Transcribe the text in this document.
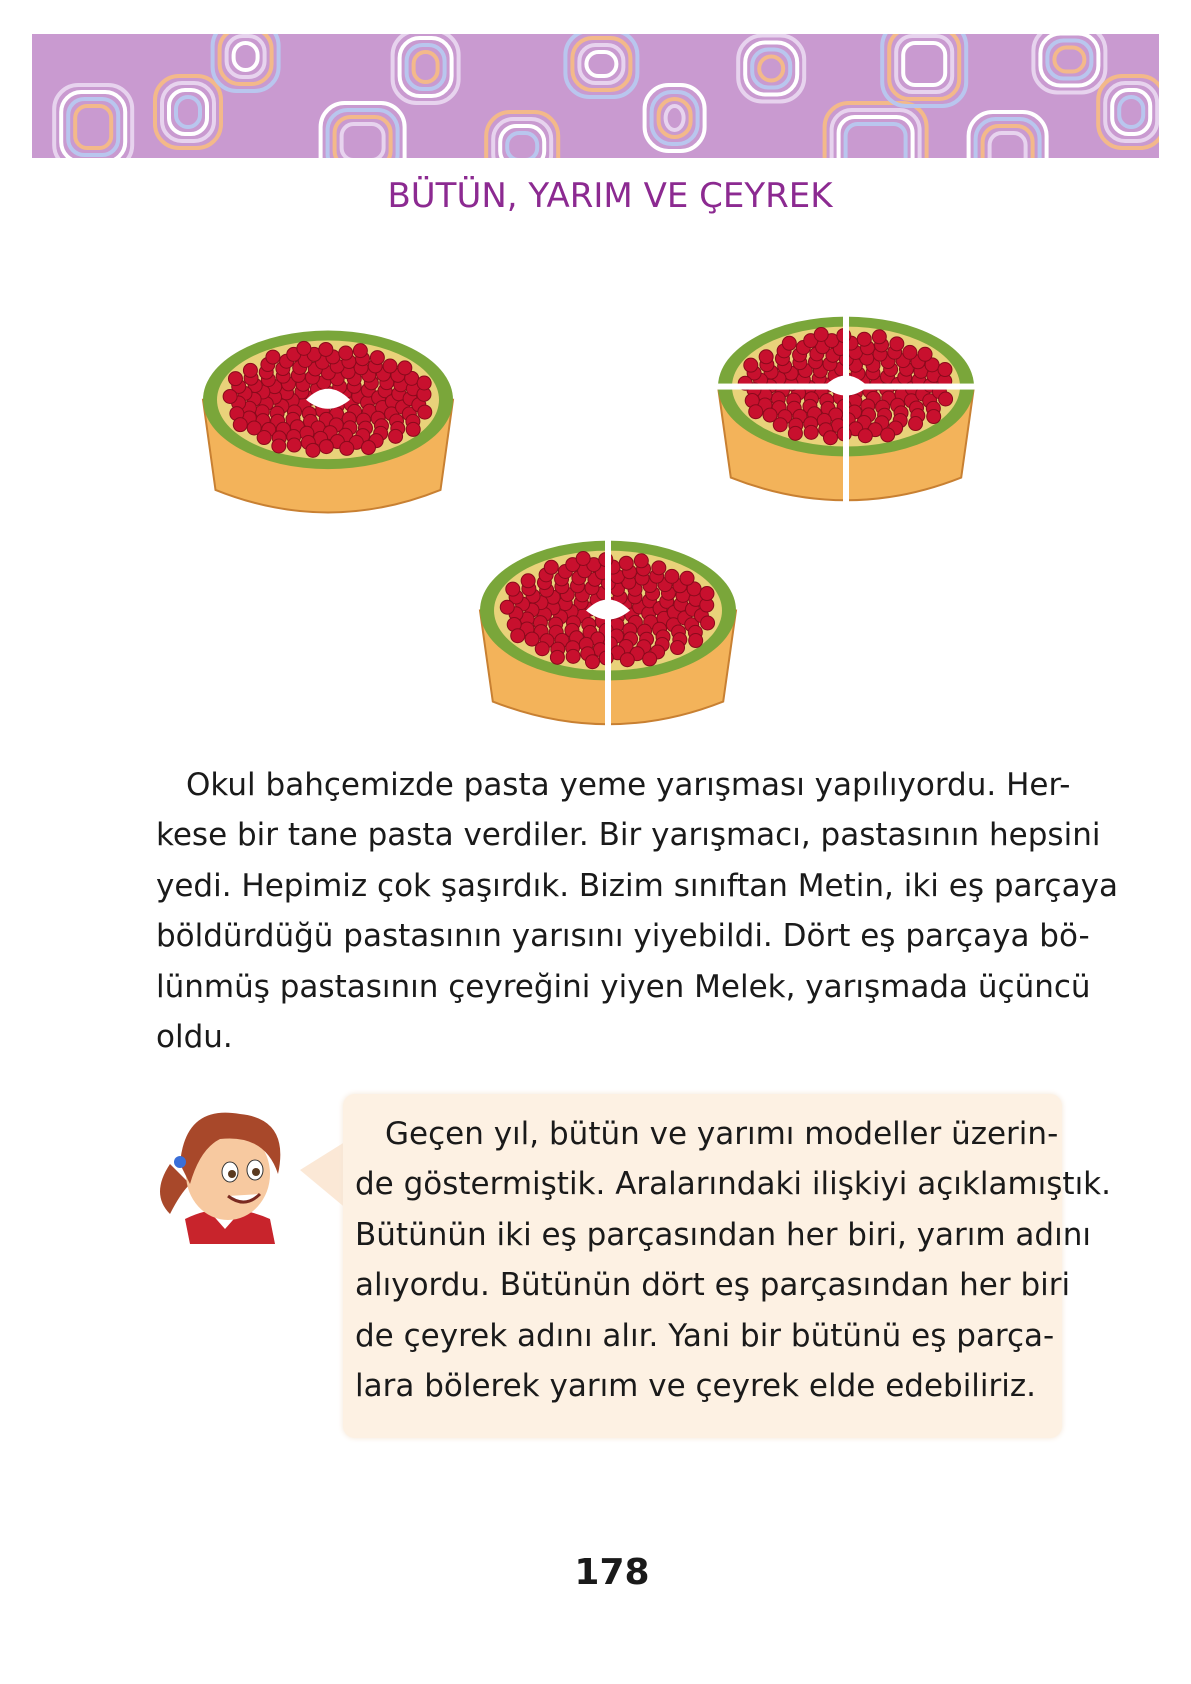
BÜTÜN, YARIM VE ÇEYREK
Okul bahçemizde pasta yeme yarışması yapılıyordu. Her-
kese bir tane pasta verdiler. Bir yarışmacı, pastasının hepsini
yedi. Hepimiz çok şaşırdık. Bizim sınıftan Metin, iki eş parçaya
böldürdüğü pastasının yarısını yiyebildi. Dört eş parçaya bö-
lünmüş pastasının çeyreğini yiyen Melek, yarışmada üçüncü
oldu.
Geçen yıl, bütün ve yarımı modeller üzerin-
de göstermiştik. Aralarındaki ilişkiyi açıklamıştık.
Bütünün iki eş parçasından her biri, yarım adını
alıyordu. Bütünün dört eş parçasından her biri
de çeyrek adını alır. Yani bir bütünü eş parça-
lara bölerek yarım ve çeyrek elde edebiliriz.
178
